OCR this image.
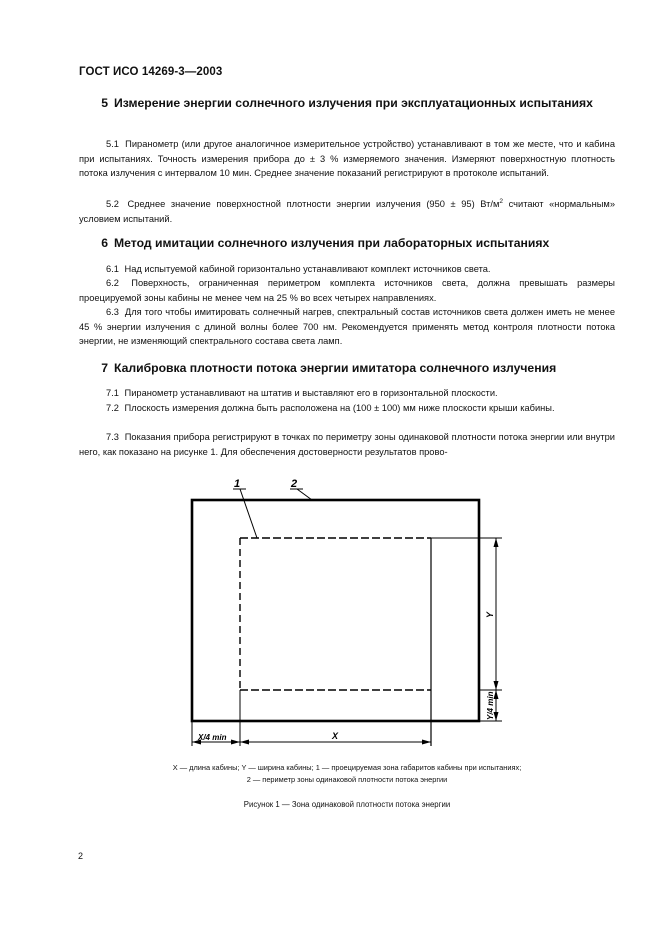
ГОСТ ИСО 14269-3—2003
5 Измерение энергии солнечного излучения при эксплуатационных испытаниях
5.1 Пиранометр (или другое аналогичное измерительное устройство) устанавливают в том же месте, что и кабина при испытаниях. Точность измерения прибора до ± 3 % измеряемого значения. Измеряют поверхностную плотность потока излучения с интервалом 10 мин. Среднее значение показаний регистрируют в протоколе испытаний.
5.2 Среднее значение поверхностной плотности энергии излучения (950 ± 95) $Вт/м^2$ считают «нормальным» условием испытаний.
6 Метод имитации солнечного излучения при лабораторных испытаниях
6.1 Над испытуемой кабиной горизонтально устанавливают комплект источников света.
6.2 Поверхность, ограниченная периметром комплекта источников света, должна превышать размеры проецируемой зоны кабины не менее чем на 25 % во всех четырех направлениях.
6.3 Для того чтобы имитировать солнечный нагрев, спектральный состав источников света должен иметь не менее 45 % энергии излучения с длиной волны более 700 нм. Рекомендуется применять метод контроля плотности потока энергии, не изменяющий спектрального состава света ламп.
7 Калибровка плотности потока энергии имитатора солнечного излучения
7.1 Пиранометр устанавливают на штатив и выставляют его в горизонтальной плоскости.
7.2 Плоскость измерения должна быть расположена на (100 ± 100) мм ниже плоскости крыши кабины.
7.3 Показания прибора регистрируют в точках по периметру зоны одинаковой плотности потока энергии или внутри него, как показано на рисунке 1. Для обеспечения достоверности результатов прово-
1	2
X
X/4 min
Y
Y/4 min
X — длина кабины; Y — ширина кабины; 1 — проецируемая зона габаритов кабины при испытаниях;
2 — периметр зоны одинаковой плотности потока энергии
Рисунок 1 — Зона одинаковой плотности потока энергии
2
